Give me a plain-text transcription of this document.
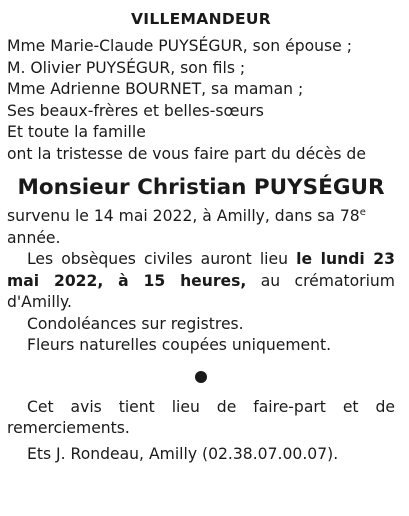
VILLEMANDEUR
Mme Marie-Claude PUYSÉGUR, son épouse ;
M. Olivier PUYSÉGUR, son fils ;
Mme Adrienne BOURNET, sa maman ;
Ses beaux-frères et belles-sœurs
Et toute la famille
ont la tristesse de vous faire part du décès de
Monsieur Christian PUYSÉGUR
survenu le 14 mai 2022, à Amilly, dans sa 78e
année.
Les obsèques civiles auront lieu le lundi 23 mai 2022, à 15 heures, au crématorium d'Amilly.
Condoléances sur registres.
Fleurs naturelles coupées uniquement.
Cet avis tient lieu de faire-part et de remerciements.
Ets J. Rondeau, Amilly (02.38.07.00.07).
